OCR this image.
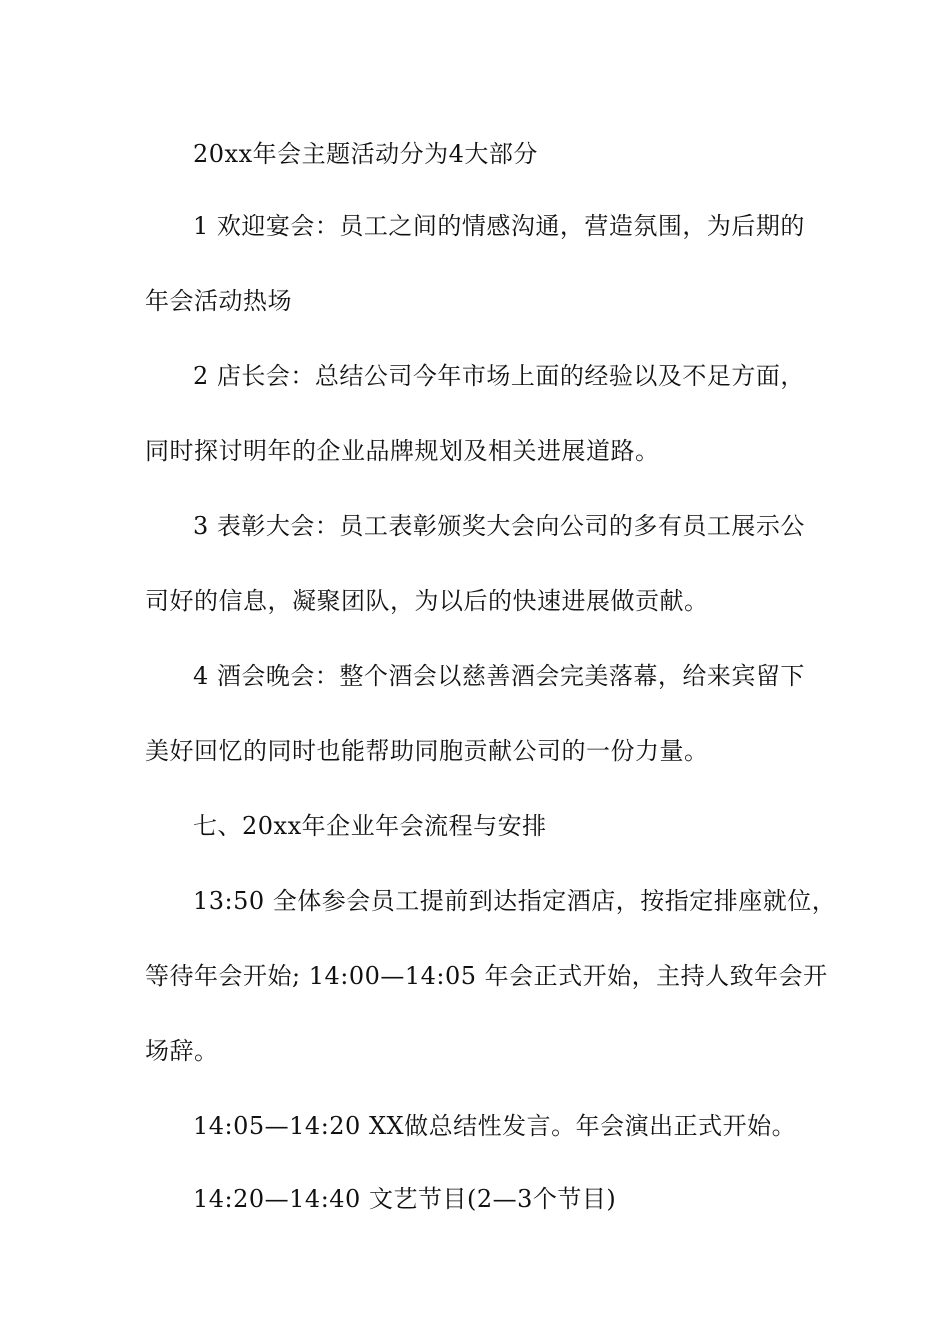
20xx年会主题活动分为4大部分
1 欢迎宴会：员工之间的情感沟通，营造氛围，为后期的
年会活动热场
2 店长会：总结公司今年市场上面的经验以及不足方面，
同时探讨明年的企业品牌规划及相关进展道路。
3 表彰大会：员工表彰颁奖大会向公司的多有员工展示公
司好的信息，凝聚团队，为以后的快速进展做贡献。
4 酒会晚会：整个酒会以慈善酒会完美落幕，给来宾留下
美好回忆的同时也能帮助同胞贡献公司的一份力量。
七、20xx年企业年会流程与安排
13:50 全体参会员工提前到达指定酒店，按指定排座就位，
等待年会开始; 14:00—14:05 年会正式开始，主持人致年会开
场辞。
14:05—14:20 XX做总结性发言。年会演出正式开始。
14:20—14:40 文艺节目(2—3个节目)
